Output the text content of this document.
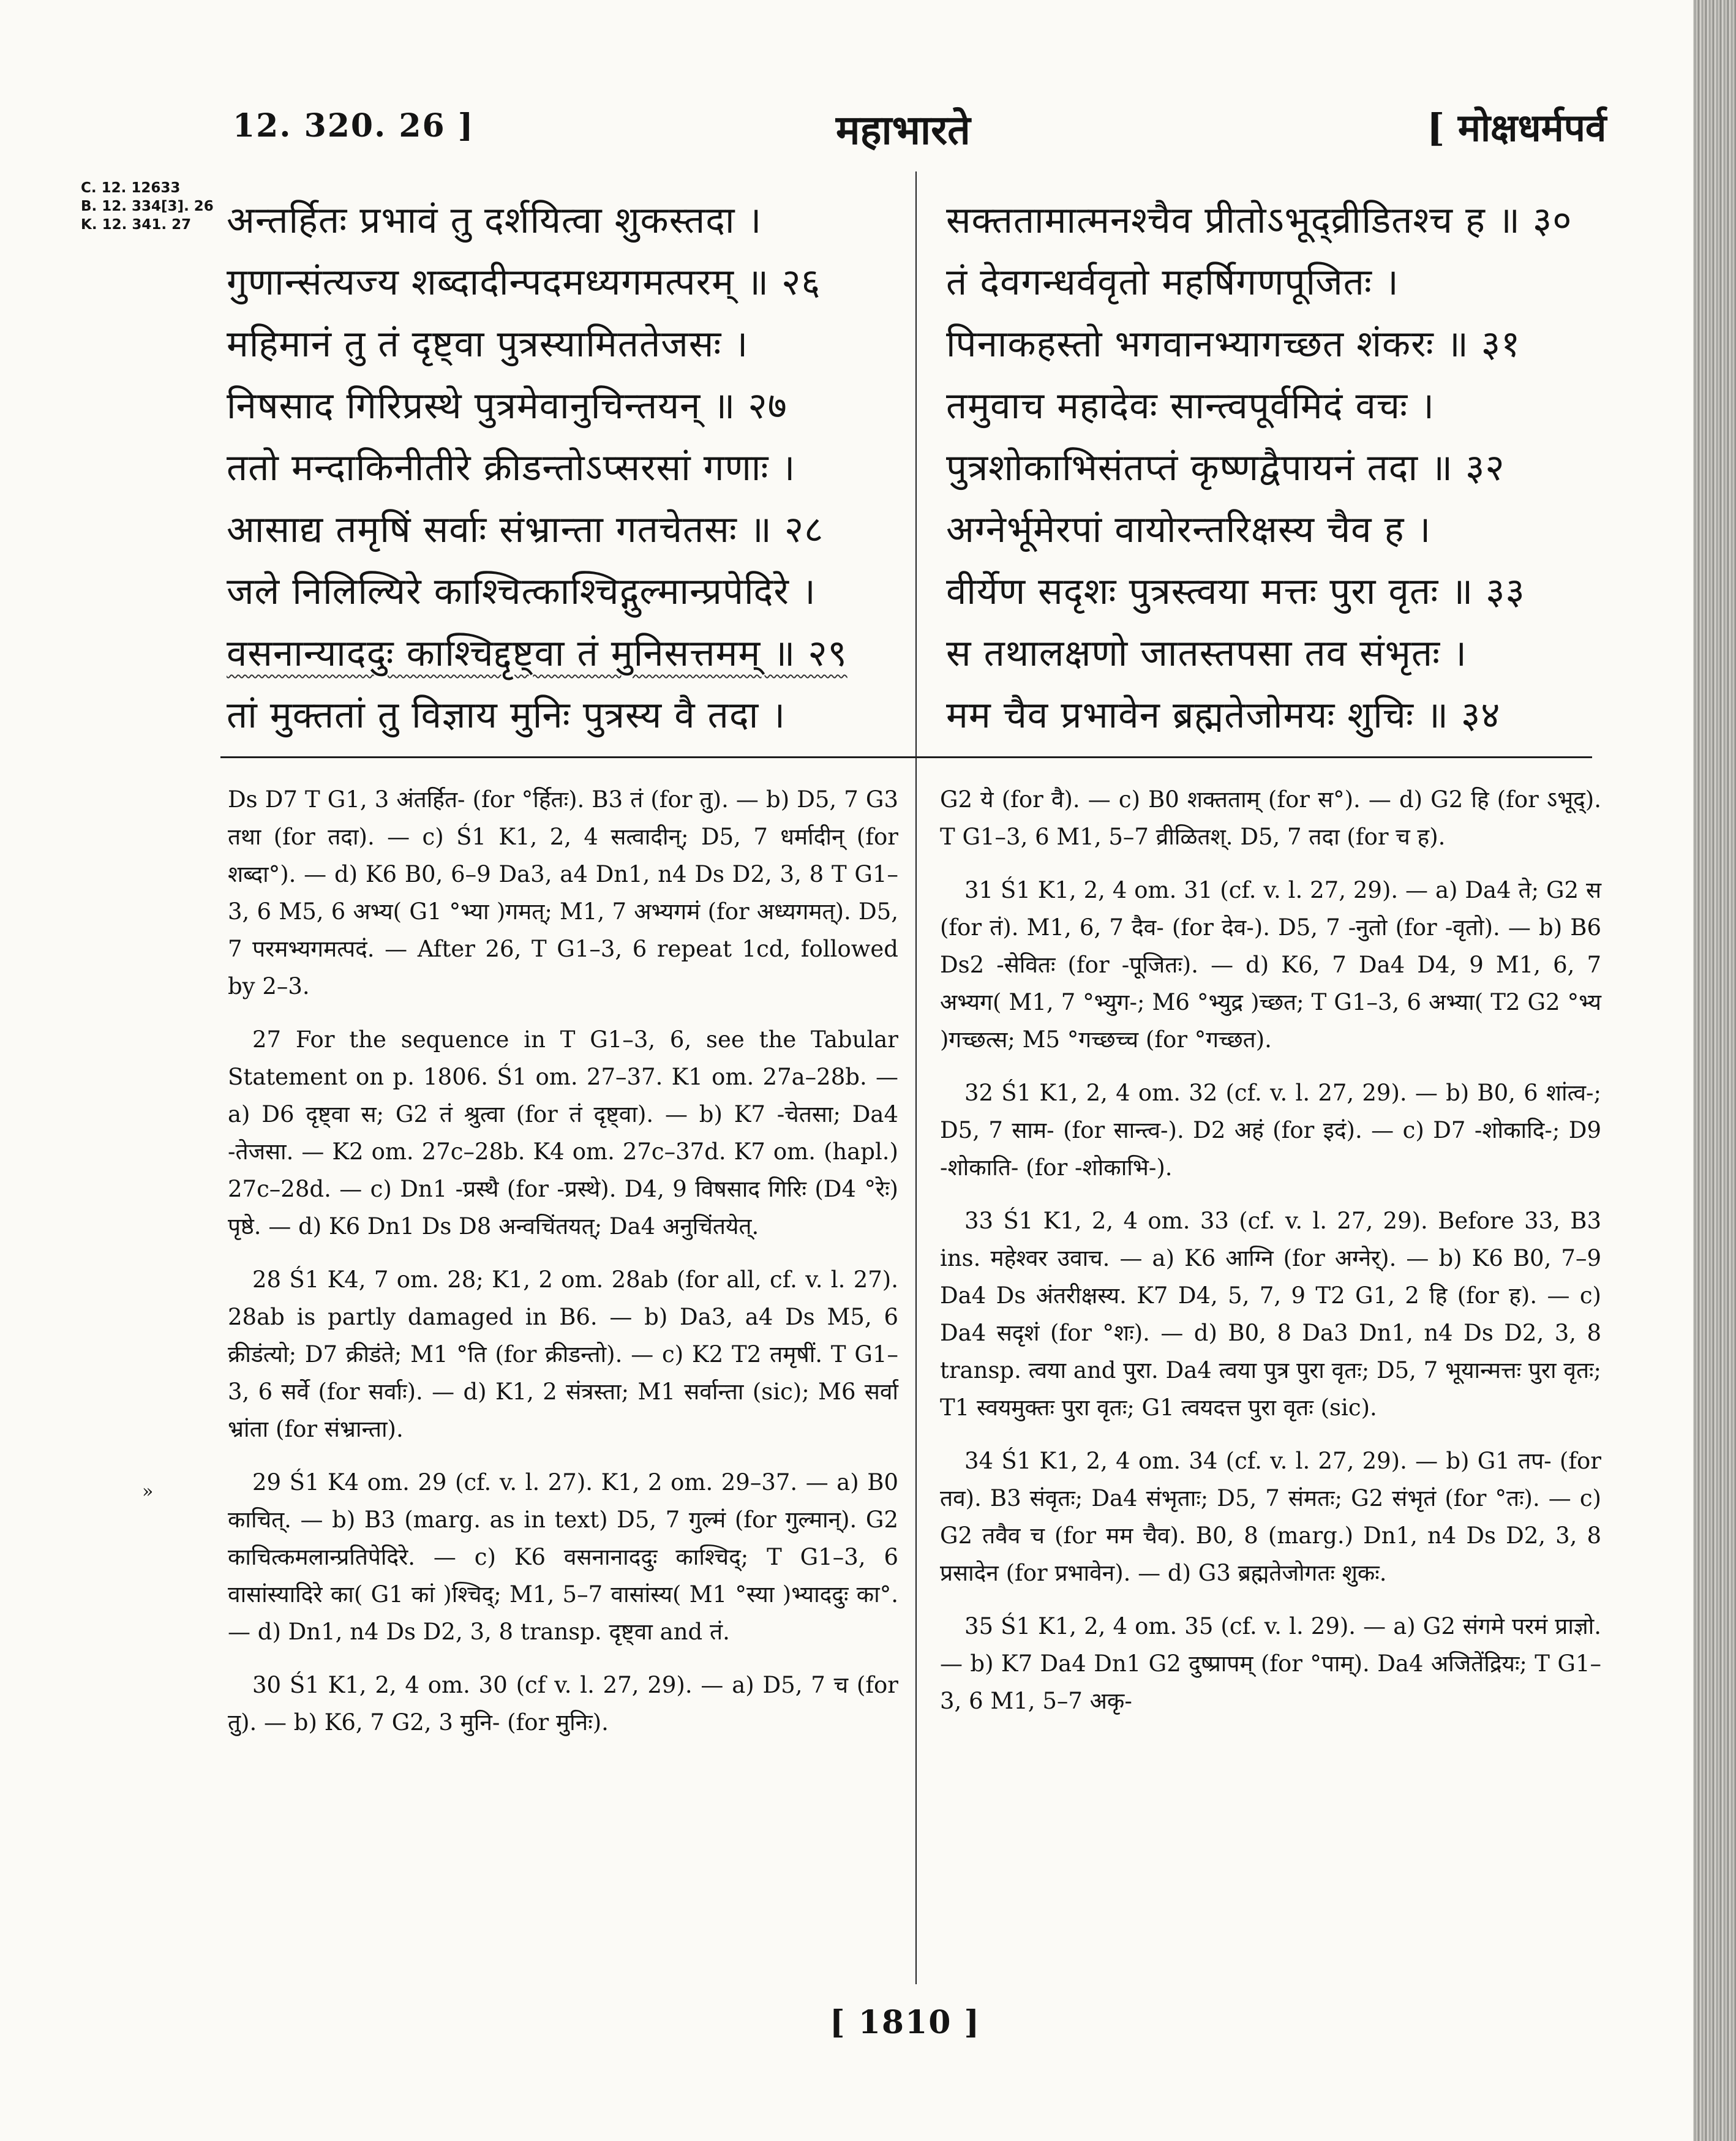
12. 320. 26 ]	महाभारते	[ मोक्षधर्मपर्व
C. 12. 12633
B. 12. 334[3]. 26
K. 12. 341. 27 अन्तर्हितः प्रभावं तु दर्शयित्वा शुकस्तदा ।
गुणान्संत्यज्य शब्दादीन्पदमध्यगमत्परम् ॥ २६
महिमानं तु तं दृष्ट्वा पुत्रस्यामिततेजसः ।
निषसाद गिरिप्रस्थे पुत्रमेवानुचिन्तयन् ॥ २७
ततो मन्दाकिनीतीरे क्रीडन्तोऽप्सरसां गणाः ।
आसाद्य तमृषिं सर्वाः संभ्रान्ता गतचेतसः ॥ २८
जले निलिल्यिरे काश्चित्काश्चिद्गुल्मान्प्रपेदिरे ।
वसनान्याददुः काश्चिद्दृष्ट्वा तं मुनिसत्तमम् ॥ २९
तां मुक्ततां तु विज्ञाय मुनिः पुत्रस्य वै तदा ।
सक्ततामात्मनश्चैव प्रीतोऽभूद्व्रीडितश्च ह ॥ ३०
तं देवगन्धर्ववृतो महर्षिगणपूजितः ।
पिनाकहस्तो भगवानभ्यागच्छत शंकरः ॥ ३१
तमुवाच महादेवः सान्त्वपूर्वमिदं वचः ।
पुत्रशोकाभिसंतप्तं कृष्णद्वैपायनं तदा ॥ ३२
अग्नेर्भूमेरपां वायोरन्तरिक्षस्य चैव ह ।
वीर्येण सदृशः पुत्रस्त्वया मत्तः पुरा वृतः ॥ ३३
स तथालक्षणो जातस्तपसा तव संभृतः ।
मम चैव प्रभावेन ब्रह्मतेजोमयः शुचिः ॥ ३४
»

Ds D7 T G1, 3 अंतर्हित- (for °र्हितः). B3 तं (for तु). — b) D5, 7 G3 तथा (for तदा). — c) Ś1 K1, 2, 4 सत्वादीन्; D5, 7 धर्मादीन् (for शब्दा°). — d) K6 B0, 6–9 Da3, a4 Dn1, n4 Ds D2, 3, 8 T G1–3, 6 M5, 6 अभ्य( G1 °भ्या )गमत्; M1, 7 अभ्यगमं (for अध्यगमत्). D5, 7 परमभ्यगमत्पदं. — After 26, T G1–3, 6 repeat 1cd, followed by 2–3.

27 For the sequence in T G1–3, 6, see the Tabular Statement on p. 1806. Ś1 om. 27–37. K1 om. 27a–28b. — a) D6 दृष्ट्वा स; G2 तं श्रुत्वा (for तं दृष्ट्वा). — b) K7 -चेतसा; Da4 -तेजसा. — K2 om. 27c–28b. K4 om. 27c–37d. K7 om. (hapl.) 27c–28d. — c) Dn1 -प्रस्थै (for -प्रस्थे). D4, 9 विषसाद गिरिः (D4 °रेः) पृष्ठे. — d) K6 Dn1 Ds D8 अन्वचिंतयत्; Da4 अनुचिंतयेत्.

28 Ś1 K4, 7 om. 28; K1, 2 om. 28ab (for all, cf. v. l. 27). 28ab is partly damaged in B6. — b) Da3, a4 Ds M5, 6 क्रीडंत्यो; D7 क्रीडंते; M1 °ति (for क्रीडन्तो). — c) K2 T2 तमृषीं. T G1–3, 6 सर्वे (for सर्वाः). — d) K1, 2 संत्रस्ता; M1 सर्वान्ता (sic); M6 सर्वा भ्रांता (for संभ्रान्ता).

29 Ś1 K4 om. 29 (cf. v. l. 27). K1, 2 om. 29–37. — a) B0 काचित्. — b) B3 (marg. as in text) D5, 7 गुल्मं (for गुल्मान्). G2 काचित्कमलान्प्रतिपेदिरे. — c) K6 वसनानाददुः काश्चिद्; T G1–3, 6 वासांस्यादिरे का( G1 कां )श्चिद्; M1, 5–7 वासांस्य( M1 °स्या )भ्याददुः का°. — d) Dn1, n4 Ds D2, 3, 8 transp. दृष्ट्वा and तं.

30 Ś1 K1, 2, 4 om. 30 (cf v. l. 27, 29). — a) D5, 7 च (for तु). — b) K6, 7 G2, 3 मुनि- (for मुनिः).

G2 ये (for वै). — c) B0 शक्तताम् (for स°). — d) G2 हि (for ऽभूद्). T G1–3, 6 M1, 5–7 व्रीळितश्. D5, 7 तदा (for च ह).

31 Ś1 K1, 2, 4 om. 31 (cf. v. l. 27, 29). — a) Da4 ते; G2 स (for तं). M1, 6, 7 दैव- (for देव-). D5, 7 -नुतो (for -वृतो). — b) B6 Ds2 -सेवितः (for -पूजितः). — d) K6, 7 Da4 D4, 9 M1, 6, 7 अभ्यग( M1, 7 °भ्युग-; M6 °भ्युद्र )च्छत; T G1–3, 6 अभ्या( T2 G2 °भ्य )गच्छत्स; M5 °गच्छच्च (for °गच्छत).

32 Ś1 K1, 2, 4 om. 32 (cf. v. l. 27, 29). — b) B0, 6 शांत्व-; D5, 7 साम- (for सान्त्व-). D2 अहं (for इदं). — c) D7 -शोकादि-; D9 -शोकाति- (for -शोकाभि-).

33 Ś1 K1, 2, 4 om. 33 (cf. v. l. 27, 29). Before 33, B3 ins. महेश्वर उवाच. — a) K6 आग्नि (for अग्नेर्). — b) K6 B0, 7–9 Da4 Ds अंतरीक्षस्य. K7 D4, 5, 7, 9 T2 G1, 2 हि (for ह). — c) Da4 सदृशं (for °शः). — d) B0, 8 Da3 Dn1, n4 Ds D2, 3, 8 transp. त्वया and पुरा. Da4 त्वया पुत्र पुरा वृतः; D5, 7 भूयान्मत्तः पुरा वृतः; T1 स्वयमुक्तः पुरा वृतः; G1 त्वयदत्त पुरा वृतः (sic).

34 Ś1 K1, 2, 4 om. 34 (cf. v. l. 27, 29). — b) G1 तप- (for तव). B3 संवृतः; Da4 संभृताः; D5, 7 संमतः; G2 संभृतं (for °तः). — c) G2 तवैव च (for मम चैव). B0, 8 (marg.) Dn1, n4 Ds D2, 3, 8 प्रसादेन (for प्रभावेन). — d) G3 ब्रह्मतेजोगतः शुकः.

35 Ś1 K1, 2, 4 om. 35 (cf. v. l. 29). — a) G2 संगमे परमं प्राज्ञो. — b) K7 Da4 Dn1 G2 दुष्प्रापम् (for °पाम्). Da4 अजितेंद्रियः; T G1–3, 6 M1, 5–7 अकृ-

[ 1810 ]
